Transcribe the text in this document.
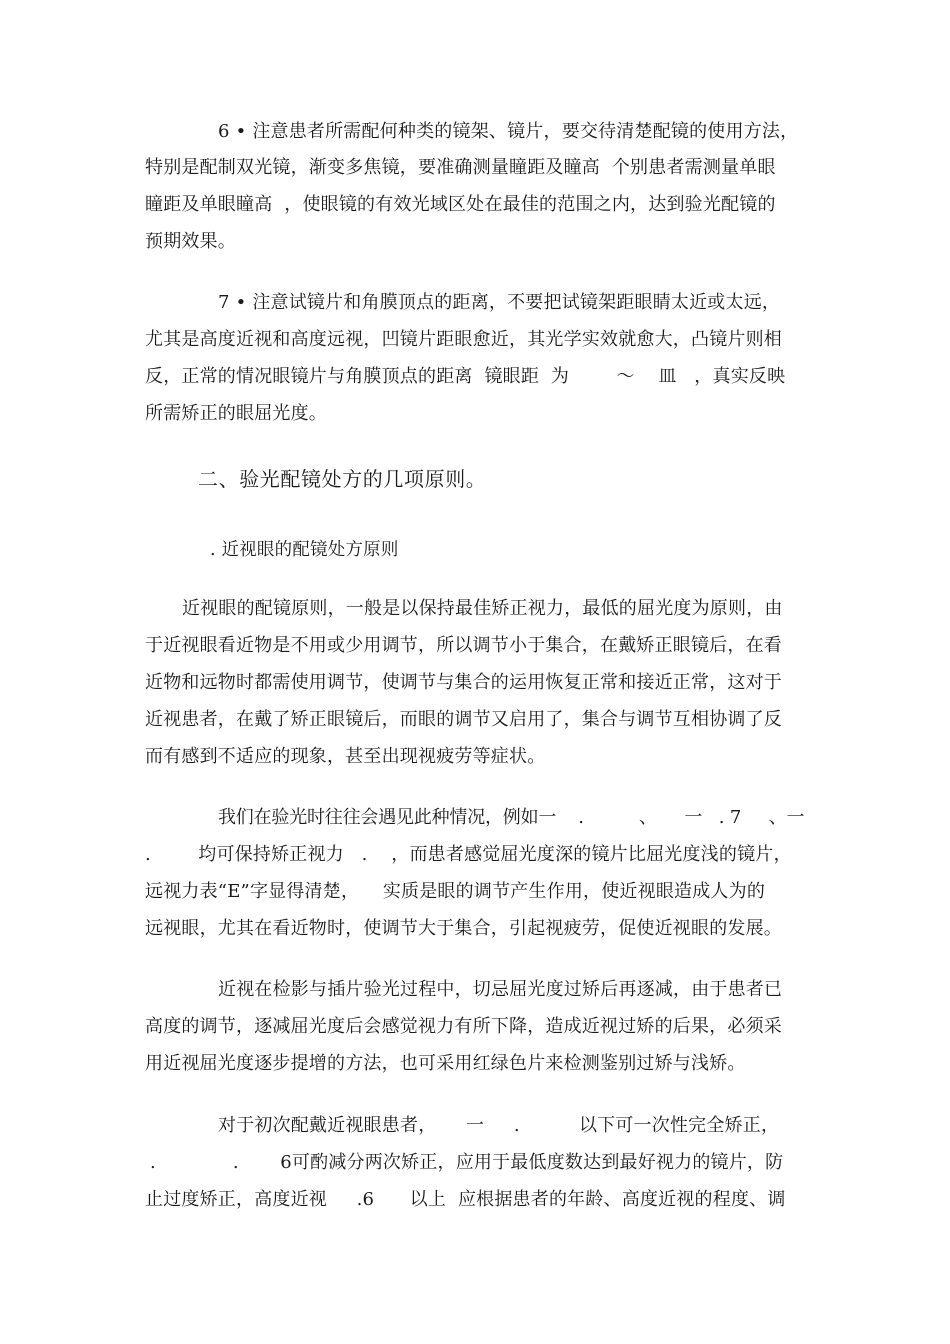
6 • 注意患者所需配何种类的镜架、镜片，要交待清楚配镜的使用方法，
特别是配制双光镜，渐变多焦镜，要准确测量瞳距及瞳高  个别患者需测量单眼
瞳距及单眼瞳高  ，使眼镜的有效光域区处在最佳的范围之内，达到验光配镜的
预期效果。
7 • 注意试镜片和角膜顶点的距离，不要把试镜架距眼睛太近或太远，
尤其是高度近视和高度远视，凹镜片距眼愈近，其光学实效就愈大，凸镜片则相
反，正常的情况眼镜片与角膜顶点的距离  镜眼距  为        ～    皿   ，真实反映
所需矫正的眼屈光度。
二、验光配镜处方的几项原则。
. 近视眼的配镜处方原则
近视眼的配镜原则，一般是以保持最佳矫正视力，最低的屈光度为原则，由
于近视眼看近物是不用或少用调节，所以调节小于集合，在戴矫正眼镜后，在看
近物和远物时都需使用调节，使调节与集合的运用恢复正常和接近正常，这对于
近视患者，在戴了矫正眼镜后，而眼的调节又启用了，集合与调节互相协调了反
而有感到不适应的现象，甚至出现视疲劳等症状。
我们在验光时往往会遇见此种情况，例如一    .          、     一   . 7     、一
.        均可保持矫正视力   .    ，而患者感觉屈光度深的镜片比屈光度浅的镜片，
远视力表“E”字显得清楚，    实质是眼的调节产生作用，使近视眼造成人为的
远视眼，尤其在看近物时，使调节大于集合，引起视疲劳，促使近视眼的发展。
近视在检影与插片验光过程中，切忌屈光度过矫后再逐减，由于患者已
高度的调节，逐减屈光度后会感觉视力有所下降，造成近视过矫的后果，必须采
用近视屈光度逐步提增的方法，也可采用红绿色片来检测鉴别过矫与浅矫。
对于初次配戴近视眼患者，     一     .          以下可一次性完全矫正，
.             .       6可酌减分两次矫正，应用于最低度数达到最好视力的镜片，防
止过度矫正，高度近视     .6      以上  应根据患者的年龄、高度近视的程度、调
